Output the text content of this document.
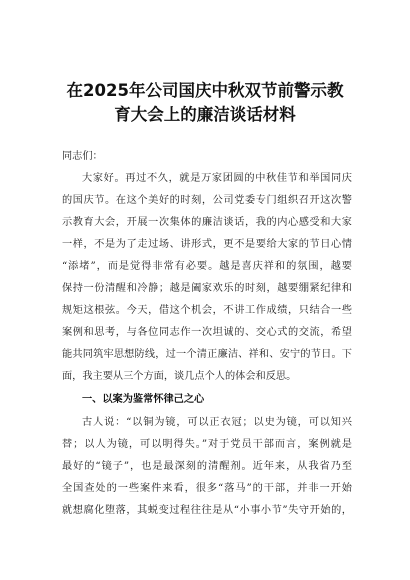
在2025年公司国庆中秋双节前警示教
育大会上的廉洁谈话材料
同志们：
大家好。再过不久，就是万家团圆的中秋佳节和举国同庆
的国庆节。在这个美好的时刻，公司党委专门组织召开这次警
示教育大会，开展一次集体的廉洁谈话，我的内心感受和大家
一样，不是为了走过场、讲形式，更不是要给大家的节日心情
“添堵”，而是觉得非常有必要。越是喜庆祥和的氛围，越要
保持一份清醒和冷静；越是阖家欢乐的时刻，越要绷紧纪律和
规矩这根弦。今天，借这个机会，不讲工作成绩，只结合一些
案例和思考，与各位同志作一次坦诚的、交心式的交流，希望
能共同筑牢思想防线，过一个清正廉洁、祥和、安宁的节日。下
面，我主要从三个方面，谈几点个人的体会和反思。
一、以案为鉴常怀律己之心
古人说：“以铜为镜，可以正衣冠；以史为镜，可以知兴
替；以人为镜，可以明得失。”对于党员干部而言，案例就是
最好的“镜子”，也是最深刻的清醒剂。近年来，从我省乃至
全国查处的一些案件来看，很多“落马”的干部，并非一开始
就想腐化堕落，其蜕变过程往往是从“小事小节”失守开始的，
